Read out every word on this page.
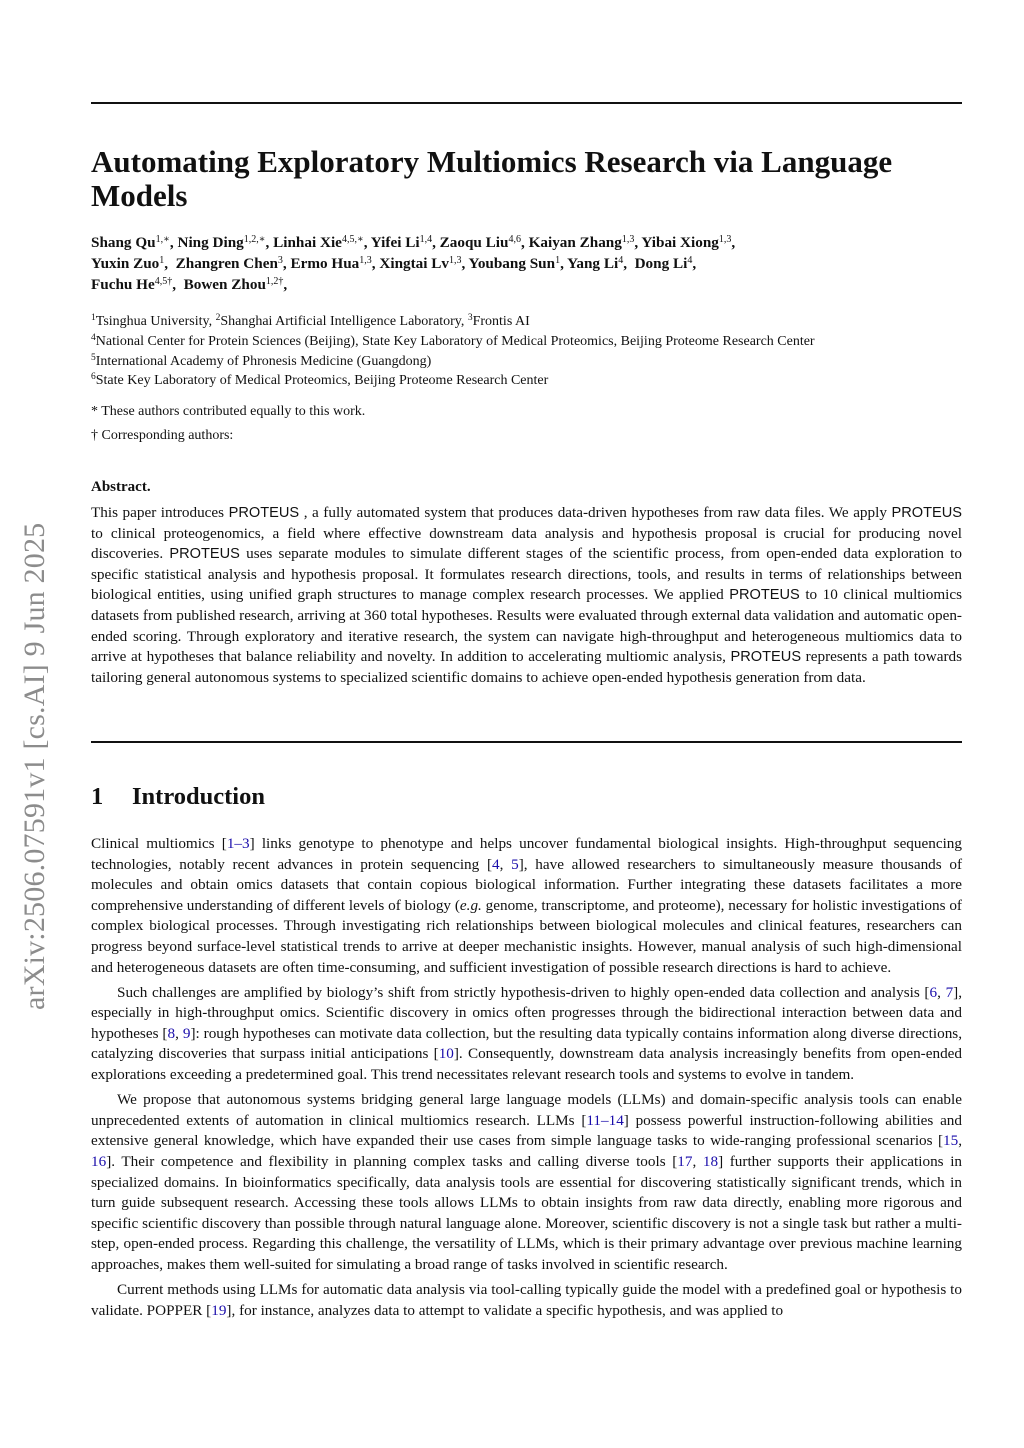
arXiv:2506.07591v1 [cs.AI] 9 Jun 2025
Automating Exploratory Multiomics Research via Language Models
Shang $Qu^{1,∗}$, Ning Ding$^{1,2,∗}$, Linhai Xie$^{4,5,∗}$, Yifei Li$^{1,4}$, Zaoqu Liu$^{4,6}$, Kaiyan Zhang$^{1,3}$, Yibai Xiong$^{1,3}$,
Yuxin Zuo$^1$,  Zhangren Chen$^3$, Ermo Hua$^{1,3}$, Xingtai Lv$^{1,3}$, Youbang Sun$^1$, Yang Li$^4$,  Dong Li$^4$,
Fuchu $He^{4,5\dagger}$,  Bowen Zhou$^{1,2\dagger}$,
$^1$Tsinghua University, $^2$Shanghai Artificial Intelligence Laboratory, $^3$Frontis AI
$^4$National Center for Protein Sciences (Beijing), State Key Laboratory of Medical Proteomics, Beijing Proteome Research Center
$^5$International Academy of Phronesis Medicine (Guangdong)
$^6$State Key Laboratory of Medical Proteomics, Beijing Proteome Research Center
* These authors contributed equally to this work.
† Corresponding authors:
Abstract.
This paper introduces PROTEUS , a fully automated system that produces data-driven hypotheses from raw data files. We apply PROTEUS to clinical proteogenomics, a field where effective downstream data analysis and hypothesis proposal is crucial for producing novel discoveries. PROTEUS uses separate modules to simulate different stages of the scientific process, from open-ended data exploration to specific statistical analysis and hypothesis proposal. It formulates research directions, tools, and results in terms of relationships between biological entities, using unified graph structures to manage complex research processes. We applied PROTEUS to 10 clinical multiomics datasets from published research, arriving at 360 total hypotheses. Results were evaluated through external data validation and automatic open-ended scoring. Through exploratory and iterative research, the system can navigate high-throughput and heterogeneous multiomics data to arrive at hypotheses that balance reliability and novelty. In addition to accelerating multiomic analysis, PROTEUS represents a path towards tailoring general autonomous systems to specialized scientific domains to achieve open-ended hypothesis generation from data.
1 Introduction

Clinical multiomics [1–3] links genotype to phenotype and helps uncover fundamental biological insights. High-throughput sequencing technologies, notably recent advances in protein sequencing [4, 5], have allowed researchers to simultaneously measure thousands of molecules and obtain omics datasets that contain copious biological information. Further integrating these datasets facilitates a more comprehensive understanding of different levels of biology (e.g. genome, transcriptome, and proteome), necessary for holistic investigations of complex biological processes. Through investigating rich relationships between biological molecules and clinical features, researchers can progress beyond surface-level statistical trends to arrive at deeper mechanistic insights. However, manual analysis of such high-dimensional and heterogeneous datasets are often time-consuming, and sufficient investigation of possible research directions is hard to achieve.

Such challenges are amplified by biology’s shift from strictly hypothesis-driven to highly open-ended data collection and analysis [6, 7], especially in high-throughput omics. Scientific discovery in omics often progresses through the bidirectional interaction between data and hypotheses [8, 9]: rough hypotheses can motivate data collection, but the resulting data typically contains information along diverse directions, catalyzing discoveries that surpass initial anticipations [10]. Consequently, downstream data analysis increasingly benefits from open-ended explorations exceeding a predetermined goal. This trend necessitates relevant research tools and systems to evolve in tandem.

We propose that autonomous systems bridging general large language models (LLMs) and domain-specific analysis tools can enable unprecedented extents of automation in clinical multiomics research. LLMs [11–14] possess powerful instruction-following abilities and extensive general knowledge, which have expanded their use cases from simple language tasks to wide-ranging professional scenarios [15, 16]. Their competence and flexibility in planning complex tasks and calling diverse tools [17, 18] further supports their applications in specialized domains. In bioinformatics specifically, data analysis tools are essential for discovering statistically significant trends, which in turn guide subsequent research. Accessing these tools allows LLMs to obtain insights from raw data directly, enabling more rigorous and specific scientific discovery than possible through natural language alone. Moreover, scientific discovery is not a single task but rather a multi-step, open-ended process. Regarding this challenge, the versatility of LLMs, which is their primary advantage over previous machine learning approaches, makes them well-suited for simulating a broad range of tasks involved in scientific research.

Current methods using LLMs for automatic data analysis via tool-calling typically guide the model with a predefined goal or hypothesis to validate. POPPER [19], for instance, analyzes data to attempt to validate a specific hypothesis, and was applied to
